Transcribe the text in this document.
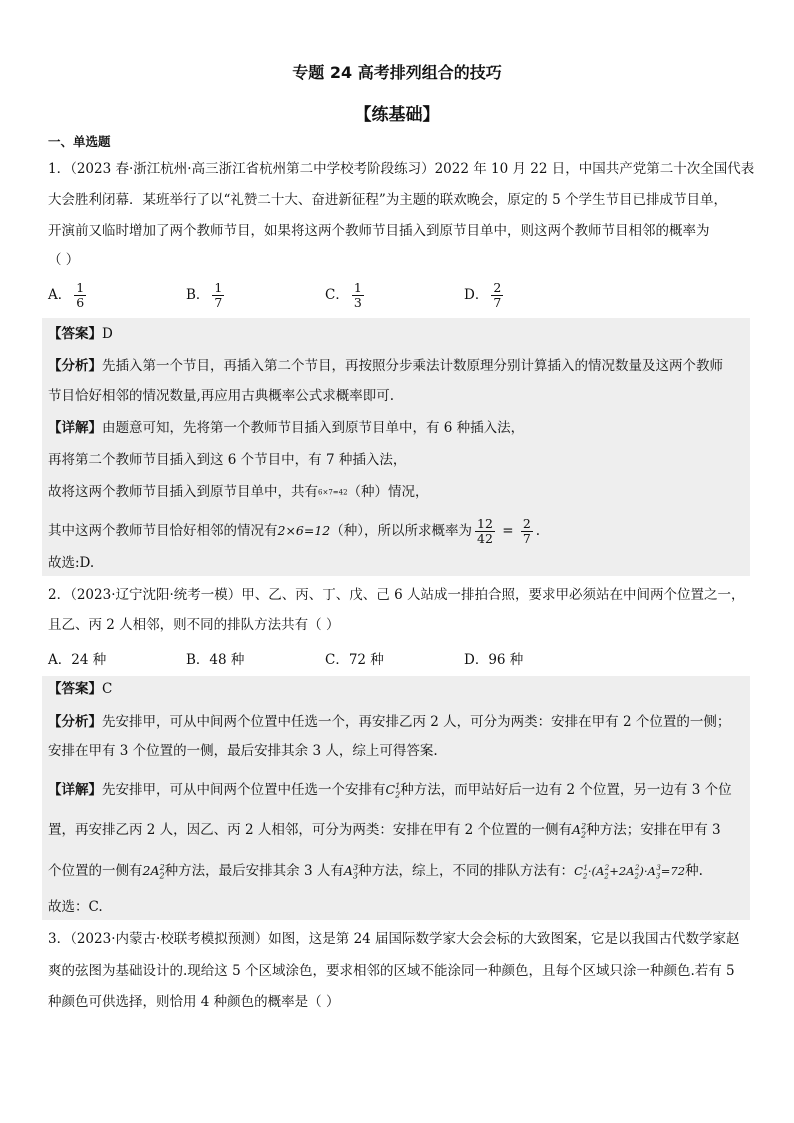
专题 24 高考排列组合的技巧
【练基础】
一、单选题
1．（2023 春·浙江杭州·高三浙江省杭州第二中学校考阶段练习）2022 年 10 月 22 日，中国共产党第二十次全国代表
大会胜利闭幕．某班举行了以“礼赞二十大、奋进新征程”为主题的联欢晚会，原定的 5 个学生节目已排成节目单，
开演前又临时增加了两个教师节目，如果将这两个教师节目插入到原节目单中，则这两个教师节目相邻的概率为
（ ）
A． $\frac{1}{6}$	B． $\frac{1}{7}$	C． $\frac{1}{3}$	D． $\frac{2}{7}$
【答案】D
【分析】先插入第一个节目，再插入第二个节目，再按照分步乘法计数原理分别计算插入的情况数量及这两个教师
节目恰好相邻的情况数量,再应用古典概率公式求概率即可.
【详解】由题意可知，先将第一个教师节目插入到原节目单中，有 6 种插入法，
再将第二个教师节目插入到这 6 个节目中，有 7 种插入法，
故将这两个教师节目插入到原节目单中，共有6×7=42（种）情况，
其中这两个教师节目恰好相邻的情况有2×6=12（种），所以所求概率为 $\frac{12}{42} = \frac{2}{7}$ .
故选:D.
2．（2023·辽宁沈阳·统考一模）甲、乙、丙、丁、戊、己 6 人站成一排拍合照，要求甲必须站在中间两个位置之一，
且乙、丙 2 人相邻，则不同的排队方法共有（ ）
A．24 种	B．48 种	C．72 种	D．96 种
【答案】C
【分析】先安排甲，可从中间两个位置中任选一个，再安排乙丙 2 人，可分为两类：安排在甲有 2 个位置的一侧；
安排在甲有 3 个位置的一侧，最后安排其余 3 人，综上可得答案.
【详解】先安排甲，可从中间两个位置中任选一个安排有$C_2^1$种方法，而甲站好后一边有 2 个位置，另一边有 3 个位
置，再安排乙丙 2 人，因乙、丙 2 人相邻，可分为两类：安排在甲有 2 个位置的一侧有$A_2^2$种方法；安排在甲有 3
个位置的一侧有$2A_2^2$种方法，最后安排其余 3 人有$A_3^3$种方法，综上，不同的排队方法有：$C_2^1\cdot(A_2^2+2A_2^2)\cdot A_3^3=72$种.
故选：C.
3．（2023·内蒙古·校联考模拟预测）如图，这是第 24 届国际数学家大会会标的大致图案，它是以我国古代数学家赵
爽的弦图为基础设计的.现给这 5 个区域涂色，要求相邻的区域不能涂同一种颜色，且每个区域只涂一种颜色.若有 5
种颜色可供选择，则恰用 4 种颜色的概率是（ ）
